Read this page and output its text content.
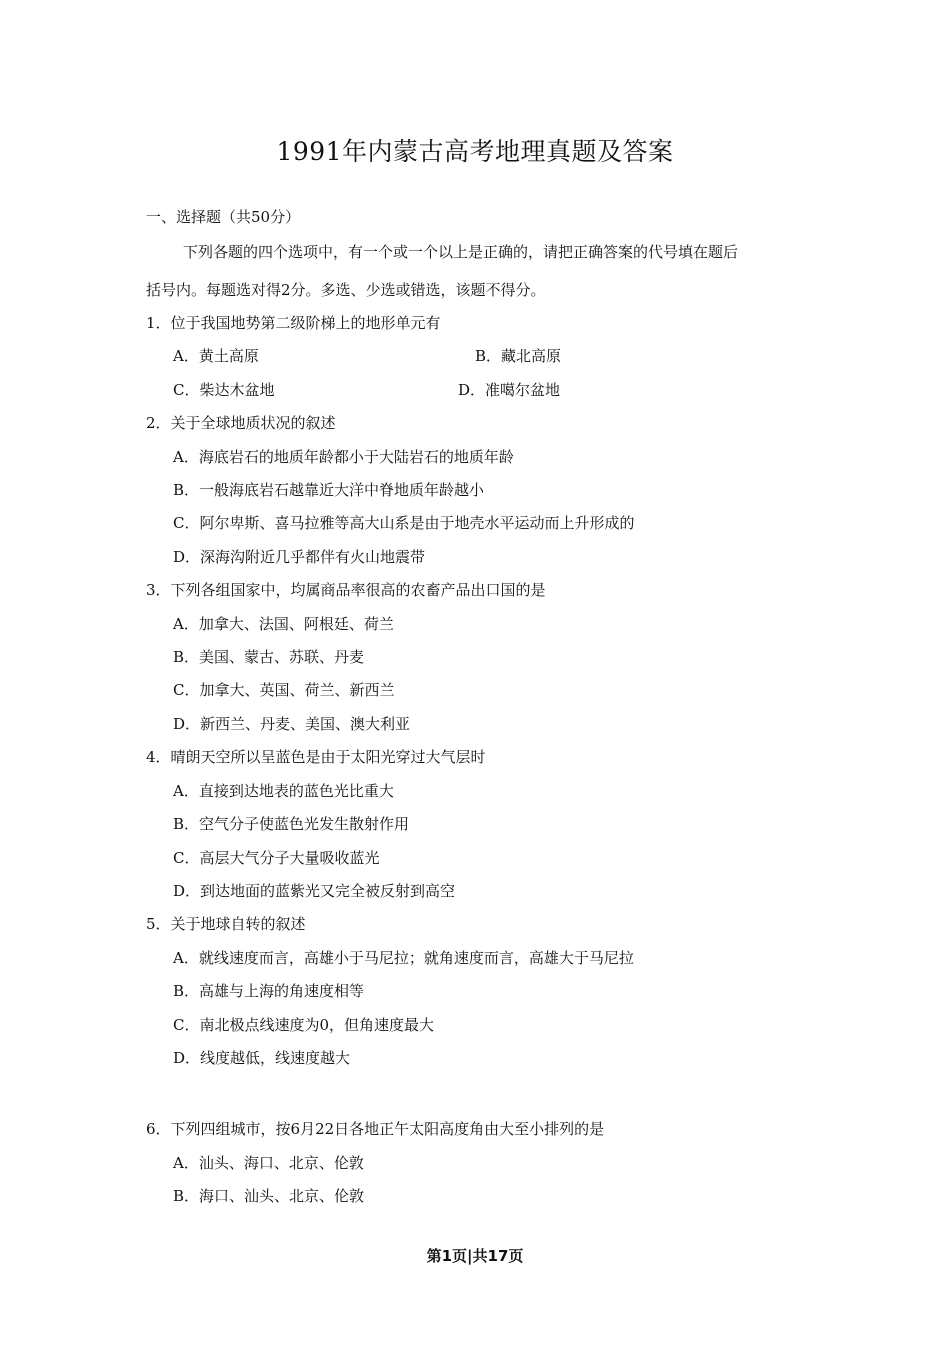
1991年内蒙古高考地理真题及答案
一、选择题（共50分）
下列各题的四个选项中，有一个或一个以上是正确的，请把正确答案的代号填在题后
括号内。每题选对得2分。多选、少选或错选，该题不得分。
1．位于我国地势第二级阶梯上的地形单元有
A．黄土高原	B．藏北高原
C．柴达木盆地	D．准噶尔盆地
2．关于全球地质状况的叙述
A．海底岩石的地质年龄都小于大陆岩石的地质年龄
B．一般海底岩石越靠近大洋中脊地质年龄越小
C．阿尔卑斯、喜马拉雅等高大山系是由于地壳水平运动而上升形成的
D．深海沟附近几乎都伴有火山地震带
3．下列各组国家中，均属商品率很高的农畜产品出口国的是
A．加拿大、法国、阿根廷、荷兰
B．美国、蒙古、苏联、丹麦
C．加拿大、英国、荷兰、新西兰
D．新西兰、丹麦、美国、澳大利亚
4．晴朗天空所以呈蓝色是由于太阳光穿过大气层时
A．直接到达地表的蓝色光比重大
B．空气分子使蓝色光发生散射作用
C．高层大气分子大量吸收蓝光
D．到达地面的蓝紫光又完全被反射到高空
5．关于地球自转的叙述
A．就线速度而言，高雄小于马尼拉；就角速度而言，高雄大于马尼拉
B．高雄与上海的角速度相等
C．南北极点线速度为0，但角速度最大
D．线度越低，线速度越大
6．下列四组城市，按6月22日各地正午太阳高度角由大至小排列的是
A．汕头、海口、北京、伦敦
B．海口、汕头、北京、伦敦
第1页|共17页
